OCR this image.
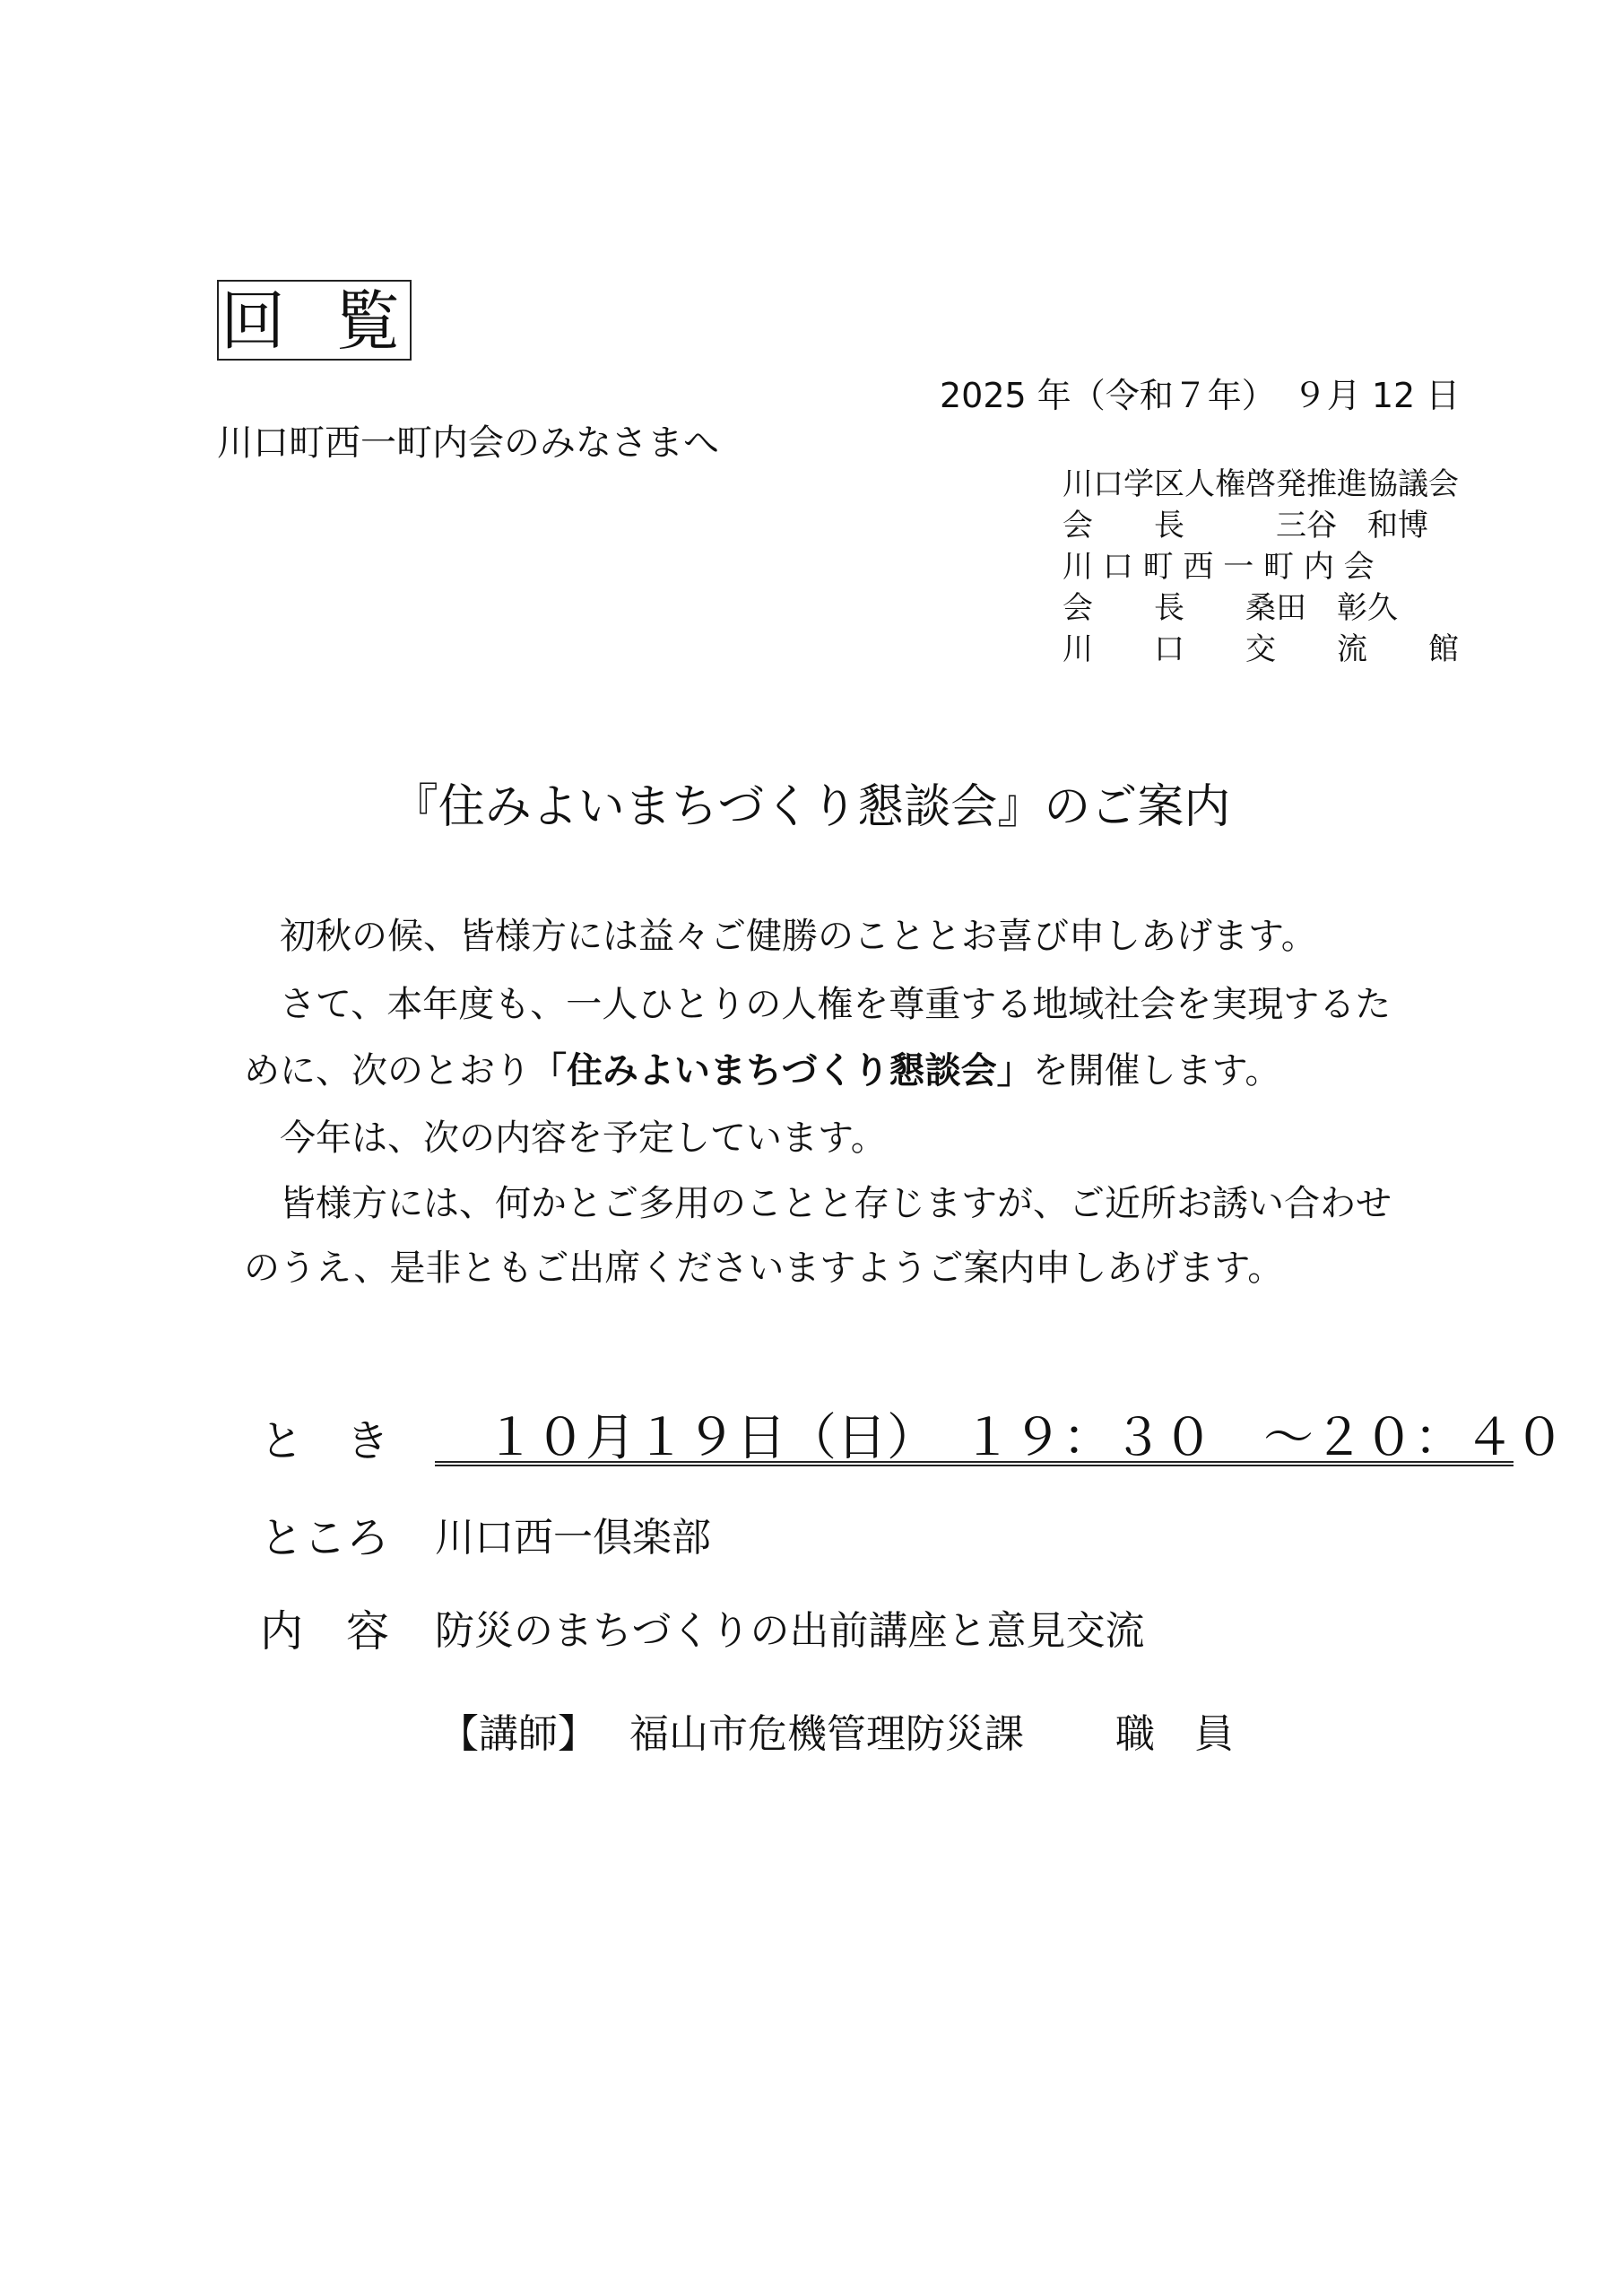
回覧
2025 年（令和７年）　９月 12 日
川口町西一町内会のみなさまへ
川口学区人権啓発推進協議会
会　　長　　　三谷　和博
川 口 町 西 一 町 内 会
会　　長　　桑田　彰久
川　　口　　交　　流　　館
『住みよいまちづくり懇談会』のご案内
初秋の候、皆様方には益々ご健勝のこととお喜び申しあげます。
さて、本年度も、一人ひとりの人権を尊重する地域社会を実現するた
めに、次のとおり「住みよいまちづくり懇談会」を開催します。
今年は、次の内容を予定しています。
皆様方には、何かとご多用のことと存じますが、ご近所お誘い合わせ
のうえ、是非ともご出席くださいますようご案内申しあげます。
と　き 　１０月１９日（日）　１９：３０　～２０：４０
ところ 川口西一倶楽部
内　容 防災のまちづくりの出前講座と意見交流
【講師】　 福山市危機管理防災課　　 職　員
